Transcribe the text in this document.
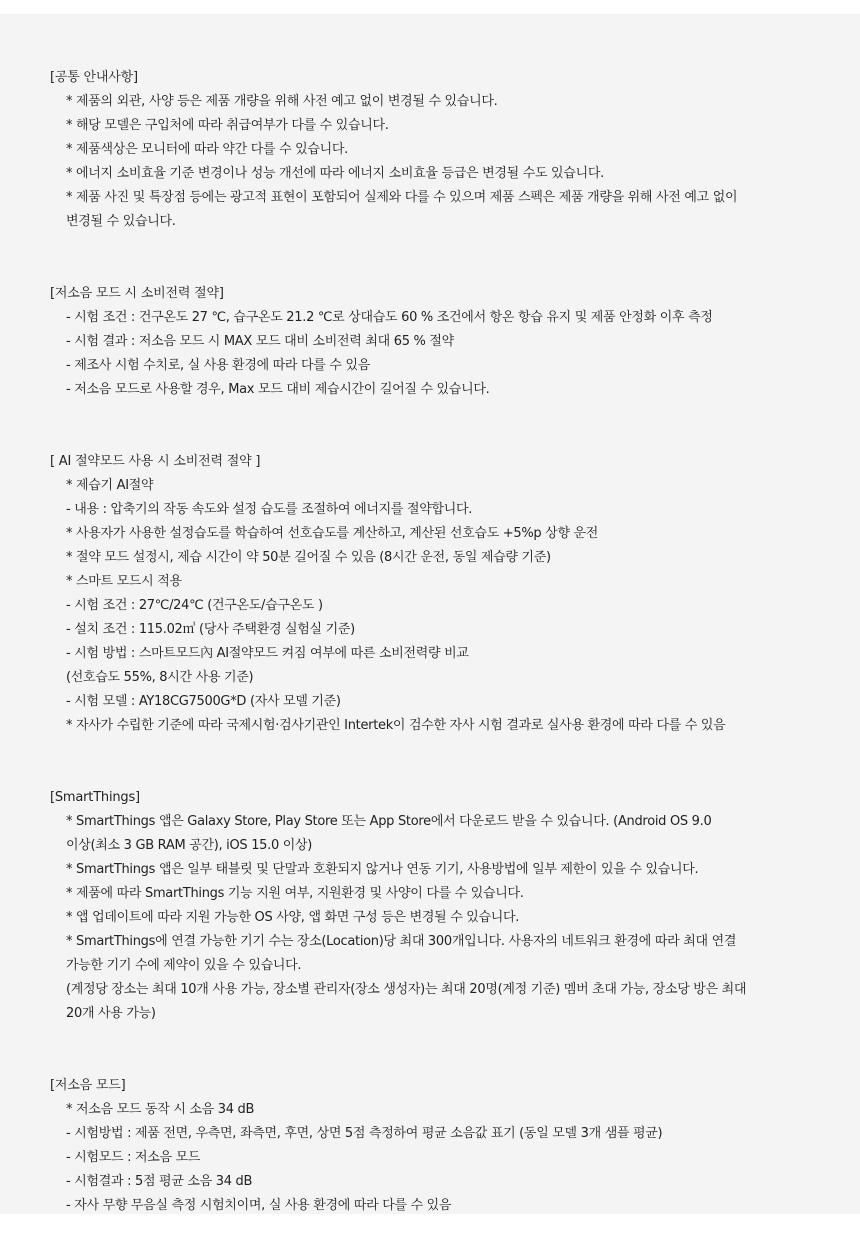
[공통 안내사항]

* 제품의 외관, 사양 등은 제품 개량을 위해 사전 예고 없이 변경될 수 있습니다.

* 해당 모델은 구입처에 따라 취급여부가 다를 수 있습니다.

* 제품색상은 모니터에 따라 약간 다를 수 있습니다.

* 에너지 소비효율 기준 변경이나 성능 개선에 따라 에너지 소비효율 등급은 변경될 수도 있습니다.

* 제품 사진 및 특장점 등에는 광고적 표현이 포함되어 실제와 다를 수 있으며 제품 스펙은 제품 개량을 위해 사전 예고 없이

변경될 수 있습니다.

[저소음 모드 시 소비전력 절약]

- 시험 조건 : 건구온도 27 ℃, 습구온도 21.2 ℃로 상대습도 60 % 조건에서 항온 항습 유지 및 제품 안정화 이후 측정

- 시험 결과 : 저소음 모드 시 MAX 모드 대비 소비전력 최대 65 % 절약

- 제조사 시험 수치로, 실 사용 환경에 따라 다를 수 있음

- 저소음 모드로 사용할 경우, Max 모드 대비 제습시간이 길어질 수 있습니다.

[ AI 절약모드 사용 시 소비전력 절약 ]

* 제습기 AI절약

- 내용 : 압축기의 작동 속도와 설정 습도를 조절하여 에너지를 절약합니다.

* 사용자가 사용한 설정습도를 학습하여 선호습도를 계산하고, 계산된 선호습도 +5%p 상향 운전

* 절약 모드 설정시, 제습 시간이 약 50분 길어질 수 있음 (8시간 운전, 동일 제습량 기준)

* 스마트 모드시 적용

- 시험 조건 : 27℃/24℃ (건구온도/습구온도 )

- 설치 조건 : 115.02㎥ (당사 주택환경 실험실 기준)

- 시험 방법 : 스마트모드內 AI절약모드 켜짐 여부에 따른 소비전력량 비교

(선호습도 55%, 8시간 사용 기준)

- 시험 모델 : AY18CG7500G*D (자사 모델 기준)

* 자사가 수립한 기준에 따라 국제시험·검사기관인 Intertek이 검수한 자사 시험 결과로 실사용 환경에 따라 다를 수 있음

[SmartThings]

* SmartThings 앱은 Galaxy Store, Play Store 또는 App Store에서 다운로드 받을 수 있습니다. (Android OS 9.0

이상(최소 3 GB RAM 공간), iOS 15.0 이상)

* SmartThings 앱은 일부 태블릿 및 단말과 호환되지 않거나 연동 기기, 사용방법에 일부 제한이 있을 수 있습니다.

* 제품에 따라 SmartThings 기능 지원 여부, 지원환경 및 사양이 다를 수 있습니다.

* 앱 업데이트에 따라 지원 가능한 OS 사양, 앱 화면 구성 등은 변경될 수 있습니다.

* SmartThings에 연결 가능한 기기 수는 장소(Location)당 최대 300개입니다. 사용자의 네트워크 환경에 따라 최대 연결

가능한 기기 수에 제약이 있을 수 있습니다.

(계정당 장소는 최대 10개 사용 가능, 장소별 관리자(장소 생성자)는 최대 20명(계정 기준) 멤버 초대 가능, 장소당 방은 최대

20개 사용 가능)

[저소음 모드]

* 저소음 모드 동작 시 소음 34 dB

- 시험방법 : 제품 전면, 우측면, 좌측면, 후면, 상면 5점 측정하여 평균 소음값 표기 (동일 모델 3개 샘플 평균)

- 시험모드 : 저소음 모드

- 시험결과 : 5점 평균 소음 34 dB

- 자사 무향 무음실 측정 시험치이며, 실 사용 환경에 따라 다를 수 있음
